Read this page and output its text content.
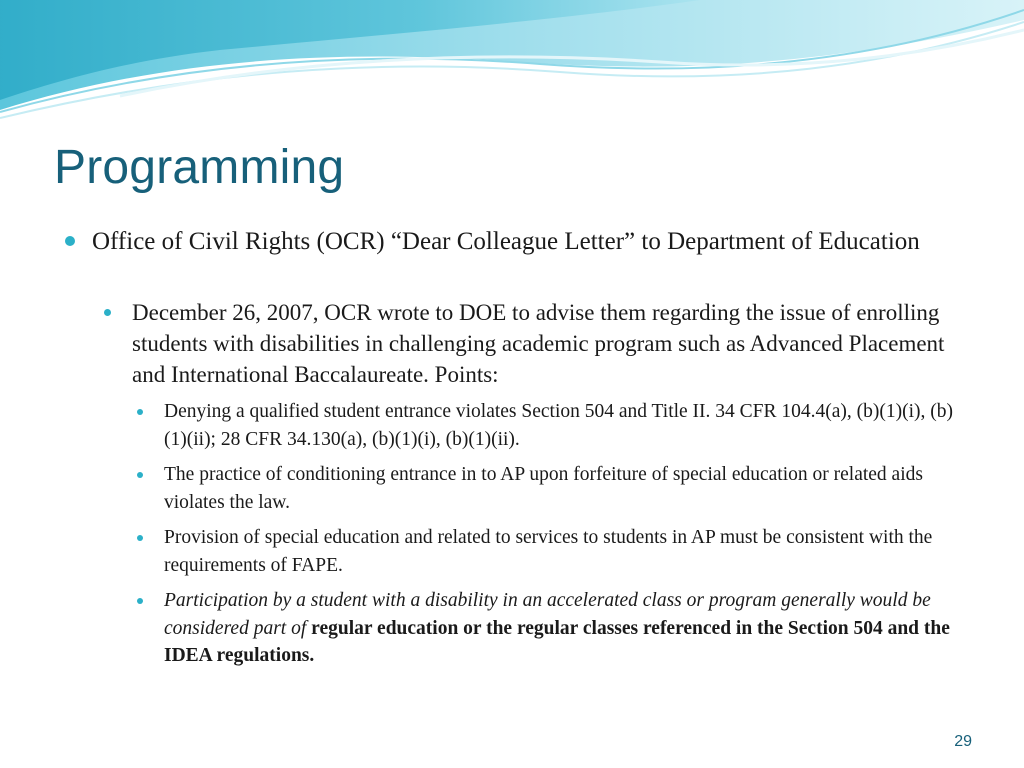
Programming
Office of Civil Rights (OCR) “Dear Colleague Letter” to Department of Education
December 26, 2007, OCR wrote to DOE to advise them regarding the issue of enrolling students with disabilities in challenging academic program such as Advanced Placement and International Baccalaureate. Points:
Denying a qualified student entrance violates Section 504 and Title II. 34 CFR 104.4(a), (b)(1)(i), (b)(1)(ii); 28 CFR 34.130(a), (b)(1)(i), (b)(1)(ii).
The practice of conditioning entrance in to AP upon forfeiture of special education or related aids violates the law.
Provision of special education and related to services to students in AP must be consistent with the requirements of FAPE.
Participation by a student with a disability in an accelerated class or program generally would be considered part of regular education or the regular classes referenced in the Section 504 and the IDEA regulations.
29
